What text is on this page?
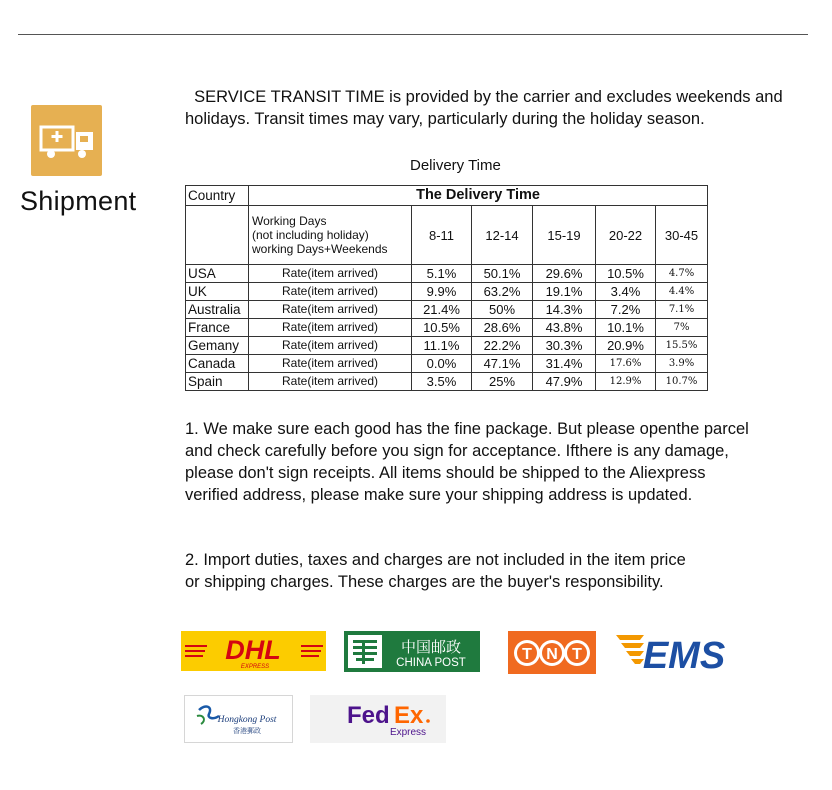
Shipment
SERVICE TRANSIT TIME is provided by the carrier and excludes weekends and holidays. Transit times may vary, particularly during the holiday season.
Delivery Time
Country	The Delivery Time					

	Working Days
(not including holiday)
working Days+Weekends	8-11	12-14	15-19	20-22	30-45
USA	Rate(item arrived)	5.1%	50.1%	29.6%	10.5%	4.7%
UK	Rate(item arrived)	9.9%	63.2%	19.1%	3.4%	4.4%
Australia	Rate(item arrived)	21.4%	50%	14.3%	7.2%	7.1%
France	Rate(item arrived)	10.5%	28.6%	43.8%	10.1%	7%
Gemany	Rate(item arrived)	11.1%	22.2%	30.3%	20.9%	15.5%
Canada	Rate(item arrived)	0.0%	47.1%	31.4%	17.6%	3.9%
Spain	Rate(item arrived)	3.5%	25%	47.9%	12.9%	10.7%
1. We make sure each good has the fine package. But please openthe parcel
and check carefully before you sign for acceptance. Ifthere is any damage,
please don't sign receipts. All items should be shipped to the Aliexpress
verified address, please make sure your shipping address is updated.
2. Import duties, taxes and charges are not included in the item price
or shipping charges. These charges are the buyer's responsibility.
DHL
EXPRESS
中国邮政
CHINA POST	T N T EMS
Hongkong Post
香港郵政
Fed Ex
Express
